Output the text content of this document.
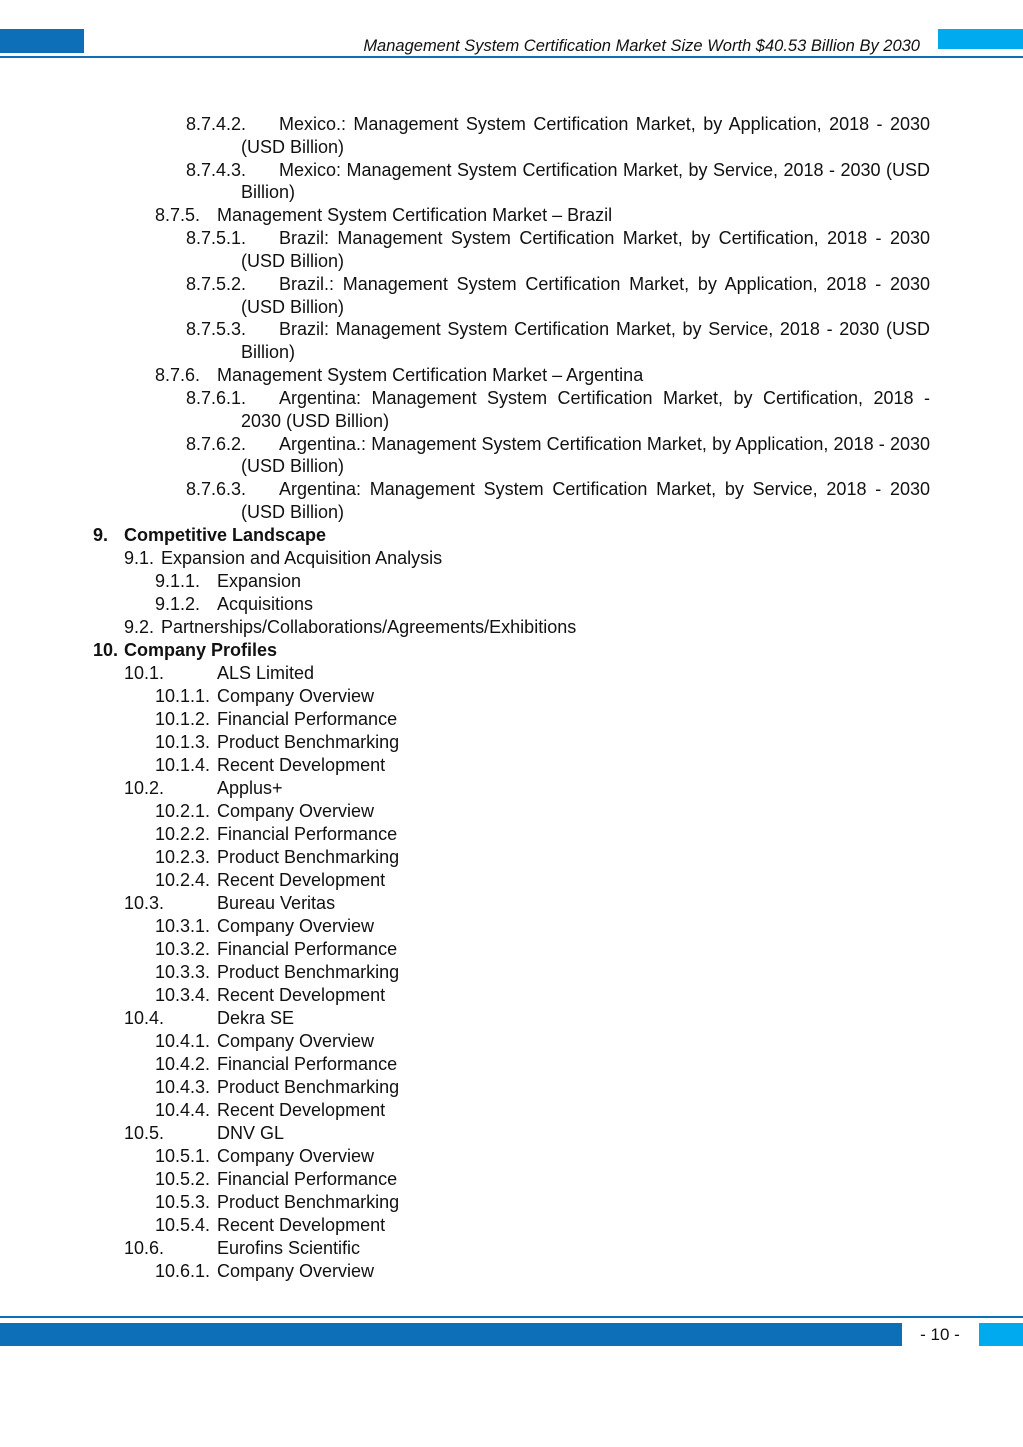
Management System Certification Market Size Worth $40.53 Billion By 2030
8.7.4.2.	Mexico.: Management System Certification Market, by Application, 2018 - 2030 (USD Billion)
8.7.4.3.	Mexico: Management System Certification Market, by Service, 2018 - 2030 (USD Billion)
8.7.5. Management System Certification Market – Brazil
8.7.5.1.	Brazil: Management System Certification Market, by Certification, 2018 - 2030 (USD Billion)
8.7.5.2.	Brazil.: Management System Certification Market, by Application, 2018 - 2030 (USD Billion)
8.7.5.3.	Brazil: Management System Certification Market, by Service, 2018 - 2030 (USD Billion)
8.7.6. Management System Certification Market – Argentina
8.7.6.1.	Argentina: Management System Certification Market, by Certification, 2018 - 2030 (USD Billion)
8.7.6.2.	Argentina.: Management System Certification Market, by Application, 2018 - 2030 (USD Billion)
8.7.6.3.	Argentina: Management System Certification Market, by Service, 2018 - 2030 (USD Billion)
9. Competitive Landscape
9.1. Expansion and Acquisition Analysis
9.1.1. Expansion
9.1.2. Acquisitions
9.2. Partnerships/Collaborations/Agreements/Exhibitions
10. Company Profiles
10.1.	ALS Limited
10.1.1. Company Overview
10.1.2. Financial Performance
10.1.3. Product Benchmarking
10.1.4. Recent Development
10.2.	Applus+
10.2.1. Company Overview
10.2.2. Financial Performance
10.2.3. Product Benchmarking
10.2.4. Recent Development
10.3.	Bureau Veritas
10.3.1. Company Overview
10.3.2. Financial Performance
10.3.3. Product Benchmarking
10.3.4. Recent Development
10.4.	Dekra SE
10.4.1. Company Overview
10.4.2. Financial Performance
10.4.3. Product Benchmarking
10.4.4. Recent Development
10.5.	DNV GL
10.5.1. Company Overview
10.5.2. Financial Performance
10.5.3. Product Benchmarking
10.5.4. Recent Development
10.6.	Eurofins Scientific
10.6.1. Company Overview
- 10 -
